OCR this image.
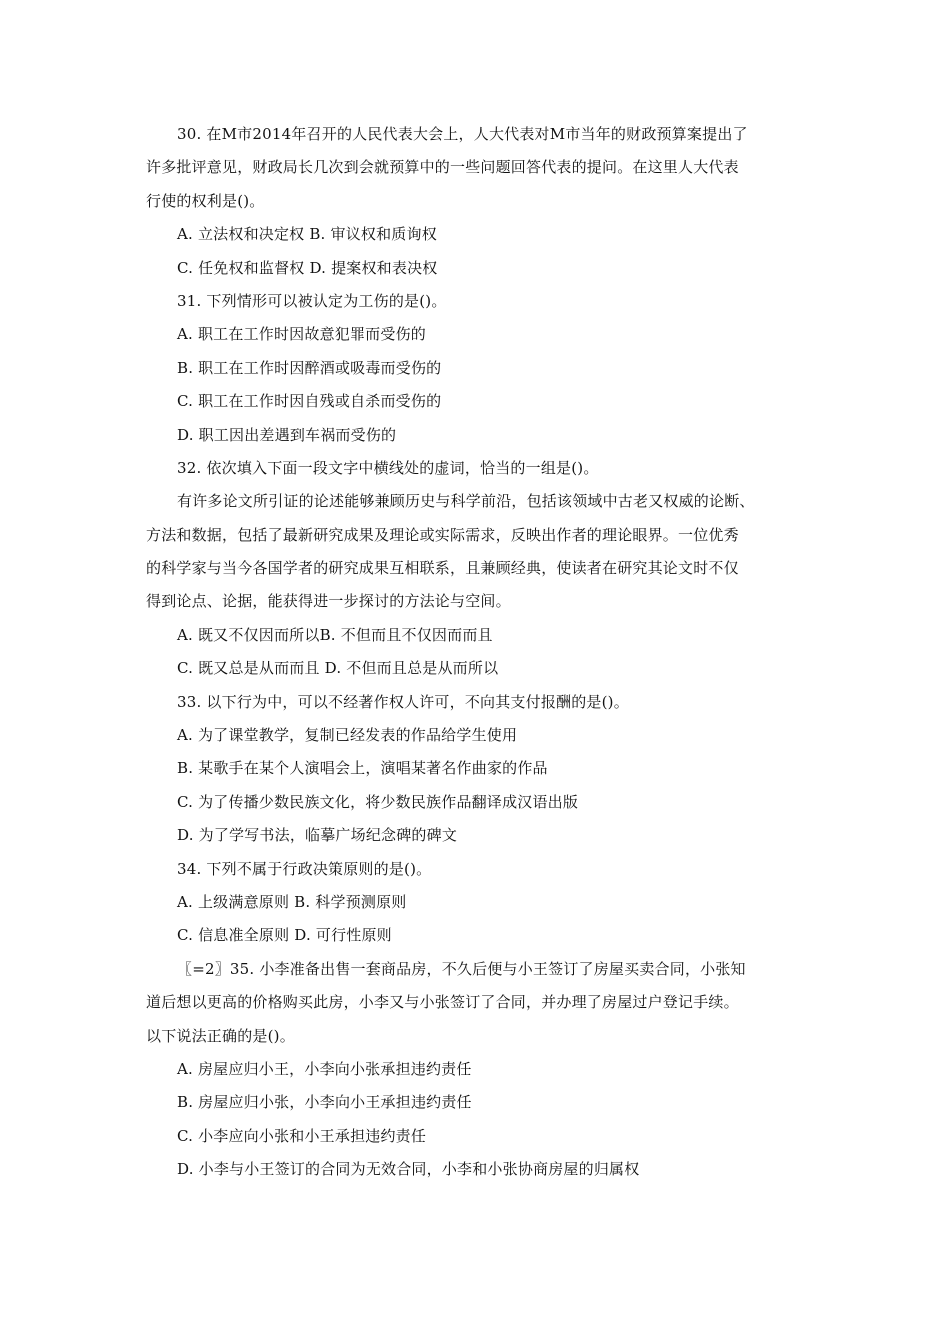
30. 在M市2014年召开的人民代表大会上，人大代表对M市当年的财政预算案提出了
许多批评意见，财政局长几次到会就预算中的一些问题回答代表的提问。在这里人大代表
行使的权利是()。
A. 立法权和决定权 B. 审议权和质询权
C. 任免权和监督权 D. 提案权和表决权
31. 下列情形可以被认定为工伤的是()。
A. 职工在工作时因故意犯罪而受伤的
B. 职工在工作时因醉酒或吸毒而受伤的
C. 职工在工作时因自残或自杀而受伤的
D. 职工因出差遇到车祸而受伤的
32. 依次填入下面一段文字中横线处的虚词，恰当的一组是()。
有许多论文所引证的论述能够兼顾历史与科学前沿，包括该领域中古老又权威的论断、
方法和数据，包括了最新研究成果及理论或实际需求，反映出作者的理论眼界。一位优秀
的科学家与当今各国学者的研究成果互相联系，且兼顾经典，使读者在研究其论文时不仅
得到论点、论据，能获得进一步探讨的方法论与空间。
A. 既又不仅因而所以B. 不但而且不仅因而而且
C. 既又总是从而而且 D. 不但而且总是从而所以
33. 以下行为中，可以不经著作权人许可，不向其支付报酬的是()。
A. 为了课堂教学，复制已经发表的作品给学生使用
B. 某歌手在某个人演唱会上，演唱某著名作曲家的作品
C. 为了传播少数民族文化，将少数民族作品翻译成汉语出版
D. 为了学写书法，临摹广场纪念碑的碑文
34. 下列不属于行政决策原则的是()。
A. 上级满意原则 B. 科学预测原则
C. 信息准全原则 D. 可行性原则
〖=2〗35. 小李准备出售一套商品房，不久后便与小王签订了房屋买卖合同，小张知
道后想以更高的价格购买此房，小李又与小张签订了合同，并办理了房屋过户登记手续。
以下说法正确的是()。
A. 房屋应归小王，小李向小张承担违约责任
B. 房屋应归小张，小李向小王承担违约责任
C. 小李应向小张和小王承担违约责任
D. 小李与小王签订的合同为无效合同，小李和小张协商房屋的归属权
